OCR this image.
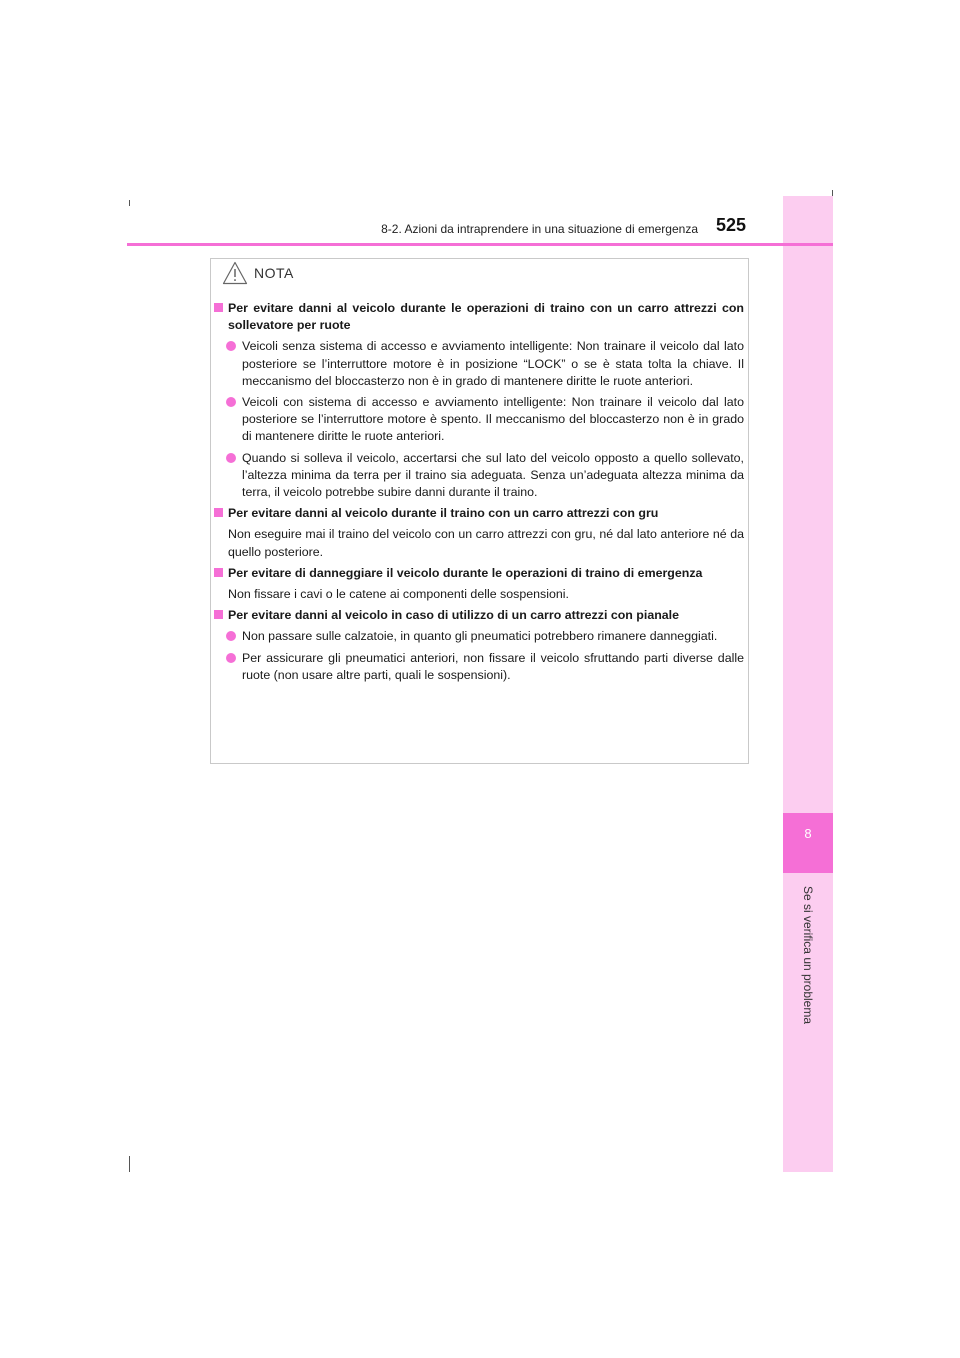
8
Se si verifica un problema
8-2. Azioni da intraprendere in una situazione di emergenza 525
NOTA
Per evitare danni al veicolo durante le operazioni di traino con un carro attrezzi con sollevatore per ruote
Veicoli senza sistema di accesso e avviamento intelligente: Non trainare il veicolo dal lato posteriore se l’interruttore motore è in posizione “LOCK” o se è stata tolta la chiave. Il meccanismo del bloccasterzo non è in grado di mantenere diritte le ruote anteriori.
Veicoli con sistema di accesso e avviamento intelligente: Non trainare il veicolo dal lato posteriore se l’interruttore motore è spento. Il meccanismo del bloccasterzo non è in grado di mantenere diritte le ruote anteriori.
Quando si solleva il veicolo, accertarsi che sul lato del veicolo opposto a quello sollevato, l’altezza minima da terra per il traino sia adeguata. Senza un’adeguata altezza minima da terra, il veicolo potrebbe subire danni durante il traino.
Per evitare danni al veicolo durante il traino con un carro attrezzi con gru
Non eseguire mai il traino del veicolo con un carro attrezzi con gru, né dal lato anteriore né da quello posteriore.
Per evitare di danneggiare il veicolo durante le operazioni di traino di emergenza
Non fissare i cavi o le catene ai componenti delle sospensioni.
Per evitare danni al veicolo in caso di utilizzo di un carro attrezzi con pianale
Non passare sulle calzatoie, in quanto gli pneumatici potrebbero rimanere danneggiati.
Per assicurare gli pneumatici anteriori, non fissare il veicolo sfruttando parti diverse dalle ruote (non usare altre parti, quali le sospensioni).
